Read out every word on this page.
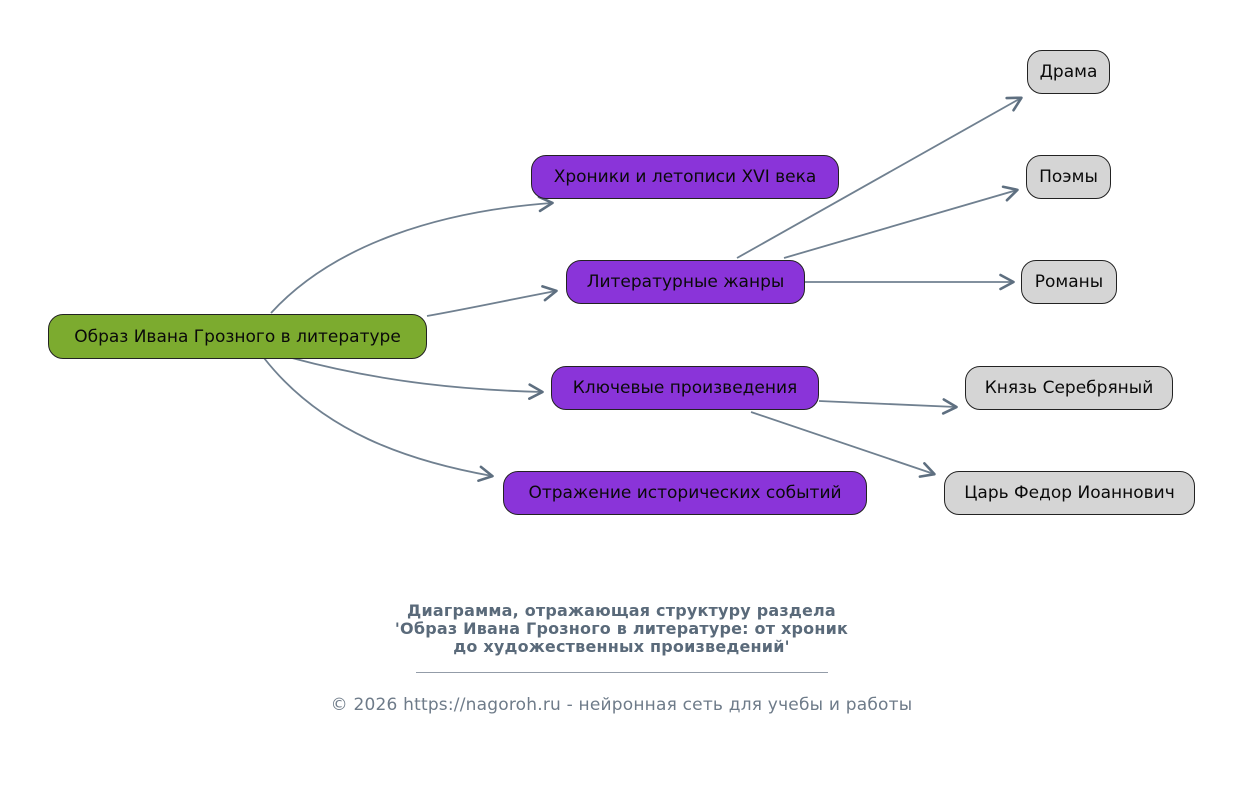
Образ Ивана Грозного в литературе
Хроники и летописи XVI века
Литературные жанры
Ключевые произведения
Отражение исторических событий
Драма
Поэмы
Романы
Князь Серебряный
Царь Федор Иоаннович
Диаграмма, отражающая структуру раздела
'Образ Ивана Грозного в литературе: от хроник
до художественных произведений'
© 2026 https://nagoroh.ru - нейронная сеть для учебы и работы
